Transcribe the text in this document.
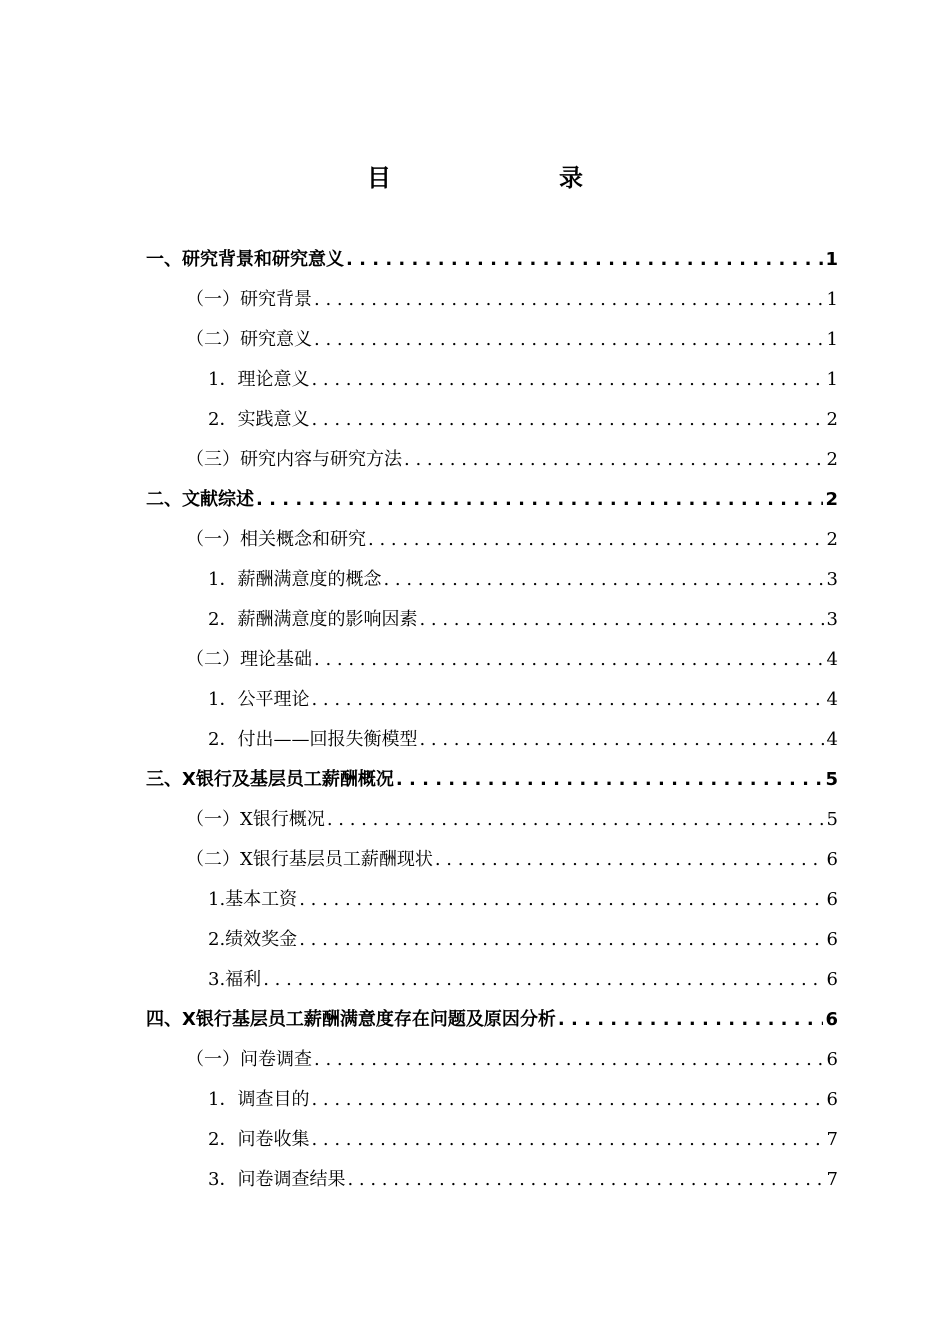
目　　录
一、研究背景和研究意义 . . .	1
（一）研究背景 . . .	1
（二）研究意义 . . .	1
1．理论意义 . . .	1
2．实践意义 . . .	2
（三）研究内容与研究方法 . . .	2
二、文献综述 . . .	2
（一）相关概念和研究 . . .	2
1．薪酬满意度的概念 . . .	3
2．薪酬满意度的影响因素 . . .	3
（二）理论基础 . . .	4
1．公平理论 . . .	4
2．付出——回报失衡模型 . . .	4
三、X银行及基层员工薪酬概况 . . .	5
（一）X银行概况 . . .	5
（二）X银行基层员工薪酬现状 . . .	6
1.基本工资 . . .	6
2.绩效奖金 . . .	6
3.福利 . . .	6
四、X银行基层员工薪酬满意度存在问题及原因分析 . . .	6
（一）问卷调查 . . .	6
1．调查目的 . . .	6
2．问卷收集 . . .	7
3．问卷调查结果 . . .	7
